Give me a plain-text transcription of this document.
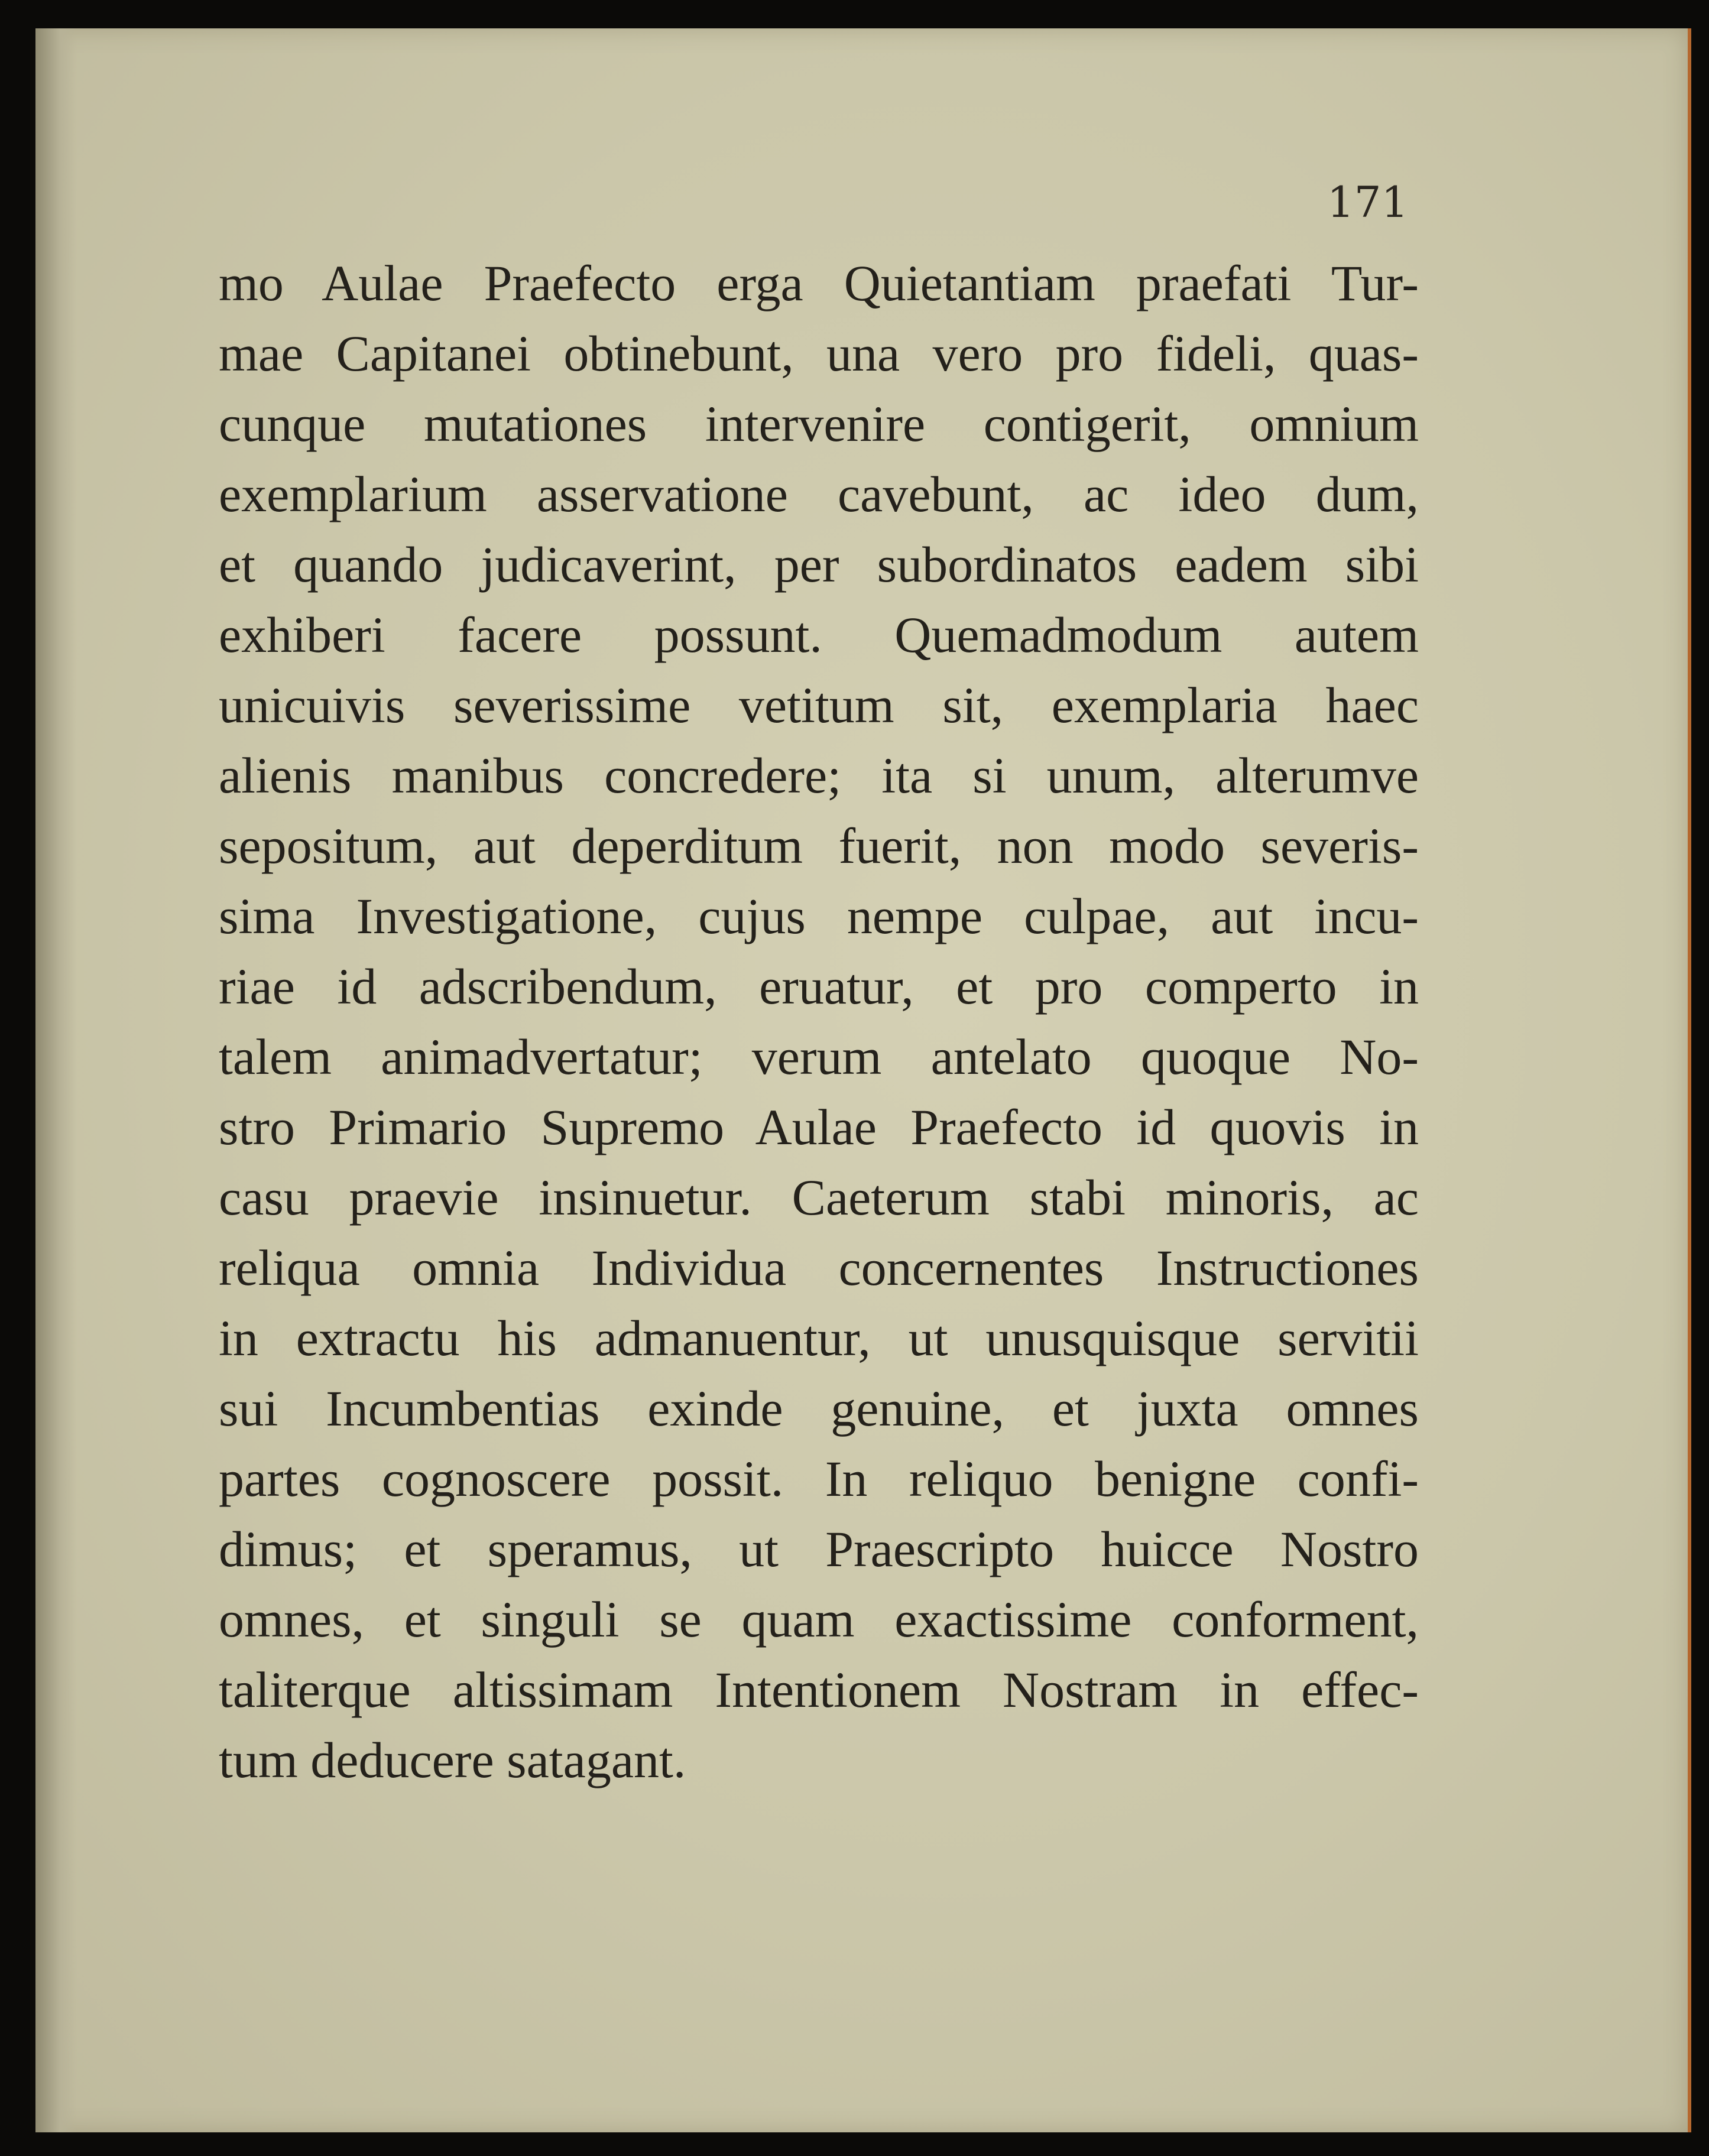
171

mo Aulae Praefecto erga Quietantiam praefati Tur-
mae Capitanei obtinebunt, una vero pro fideli, quas-
cunque mutationes intervenire contigerit, omnium
exemplarium asservatione cavebunt, ac ideo dum,
et quando judicaverint, per subordinatos eadem sibi
exhiberi facere possunt. Quemadmodum autem
unicuivis severissime vetitum sit, exemplaria haec
alienis manibus concredere; ita si unum, alterumve
sepositum, aut deperditum fuerit, non modo severis-
sima Investigatione, cujus nempe culpae, aut incu-
riae id adscribendum, eruatur, et pro comperto in
talem animadvertatur; verum antelato quoque No-
stro Primario Supremo Aulae Praefecto id quovis in
casu praevie insinuetur. Caeterum stabi minoris, ac
reliqua omnia Individua concernentes Instructiones
in extractu his admanuentur, ut unusquisque servitii
sui Incumbentias exinde genuine, et juxta omnes
partes cognoscere possit. In reliquo benigne confi-
dimus; et speramus, ut Praescripto huicce Nostro
omnes, et singuli se quam exactissime conforment,
taliterque altissimam Intentionem Nostram in effec-
tum deducere satagant.
